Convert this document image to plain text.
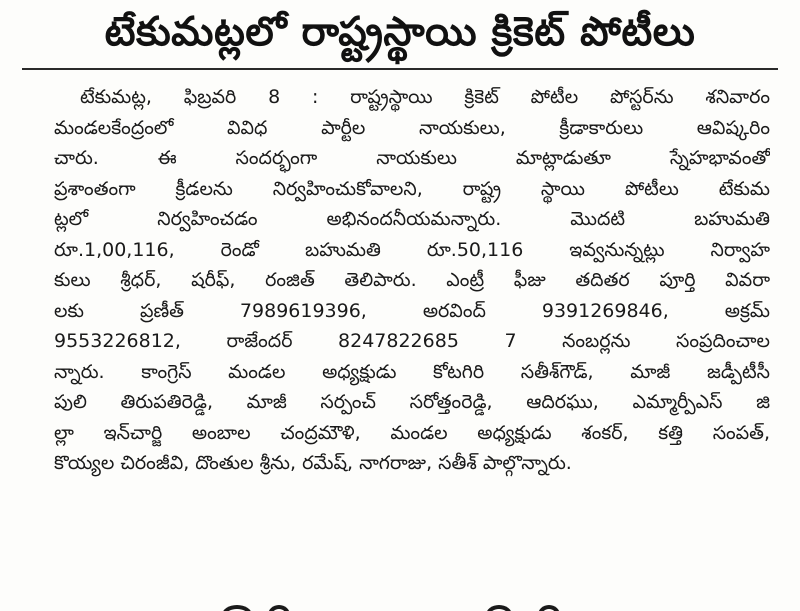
టేకుమట్లలో రాష్ట్రస్థాయి క్రికెట్ పోటీలు
టేకుమట్ల, ఫిబ్రవరి 8 : రాష్ట్రస్థాయి క్రికెట్ పోటీల పోస్టర్‌ను శనివారం
మండలకేంద్రంలో వివిధ పార్టీల నాయకులు, క్రీడాకారులు ఆవిష్కరిం
చారు. ఈ సందర్భంగా నాయకులు మాట్లాడుతూ స్నేహభావంతో
ప్రశాంతంగా క్రీడలను నిర్వహించుకోవాలని, రాష్ట్ర స్థాయి పోటీలు టేకుమ
ట్లలో నిర్వహించడం అభినందనీయమన్నారు. మొదటి బహుమతి
రూ.1,00,116, రెండో బహుమతి రూ.50,116 ఇవ్వనున్నట్లు నిర్వాహ
కులు శ్రీధర్, షరీఫ్, రంజిత్ తెలిపారు. ఎంట్రీ ఫీజు తదితర పూర్తి వివరా
లకు ప్రణీత్ 7989619396, అరవింద్ 9391269846, అక్రమ్
9553226812, రాజేందర్ 8247822685 7 నంబర్లను సంప్రదించాల
న్నారు. కాంగ్రెస్ మండల అధ్యక్షుడు కోటగిరి సతీశ్‌గౌడ్, మాజీ జడ్పీటీసీ
పులి తిరుపతిరెడ్డి, మాజీ సర్పంచ్ సరోత్తంరెడ్డి, ఆదిరఘు, ఎమ్మార్పీఎస్ జి
ల్లా ఇన్‌చార్జి అంబాల చంద్రమౌళి, మండల అధ్యక్షుడు శంకర్, కత్తి సంపత్,
కొయ్యల చిరంజీవి, దొంతుల శ్రీను, రమేష్, నాగరాజు, సతీశ్ పాల్గొన్నారు.
